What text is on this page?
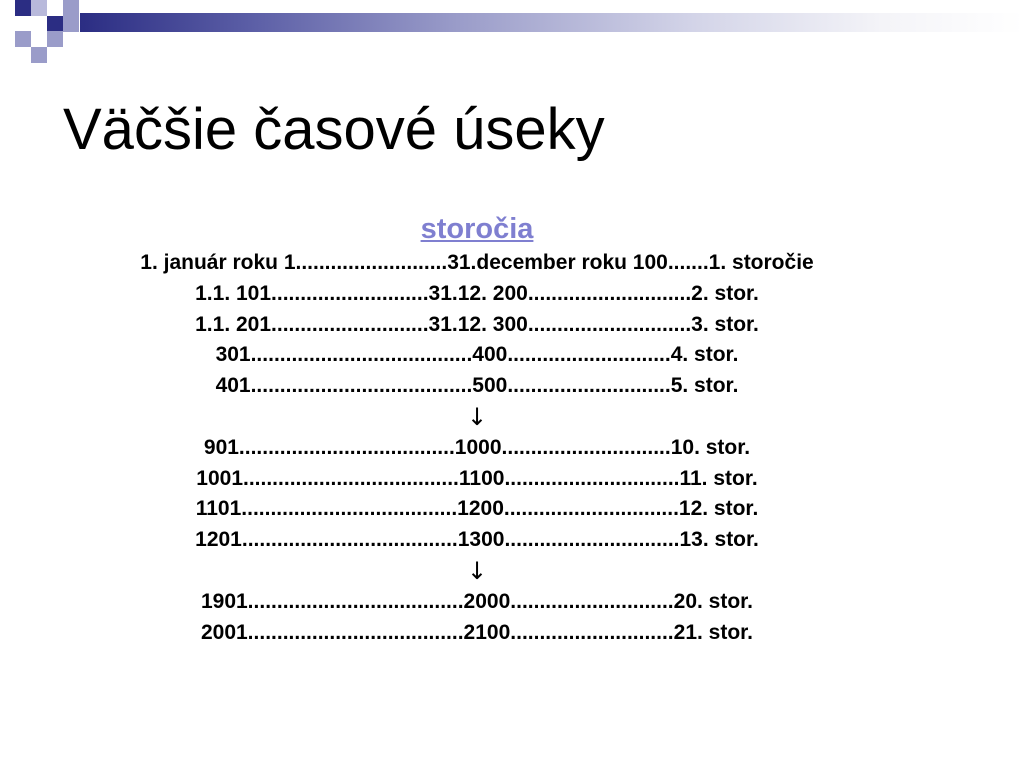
Väčšie časové úseky
storočia
1. január roku 1..........................31.december roku 100.......1. storočie
1.1. 101...........................31.12. 200............................2. stor.
1.1. 201...........................31.12. 300............................3. stor.
301......................................400............................4. stor.
401......................................500............................5. stor.
↓
901.....................................1000.............................10. stor.
1001.....................................1100..............................11. stor.
1101.....................................1200..............................12. stor.
1201.....................................1300..............................13. stor.
↓
1901.....................................2000............................20. stor.
2001.....................................2100............................21. stor.
